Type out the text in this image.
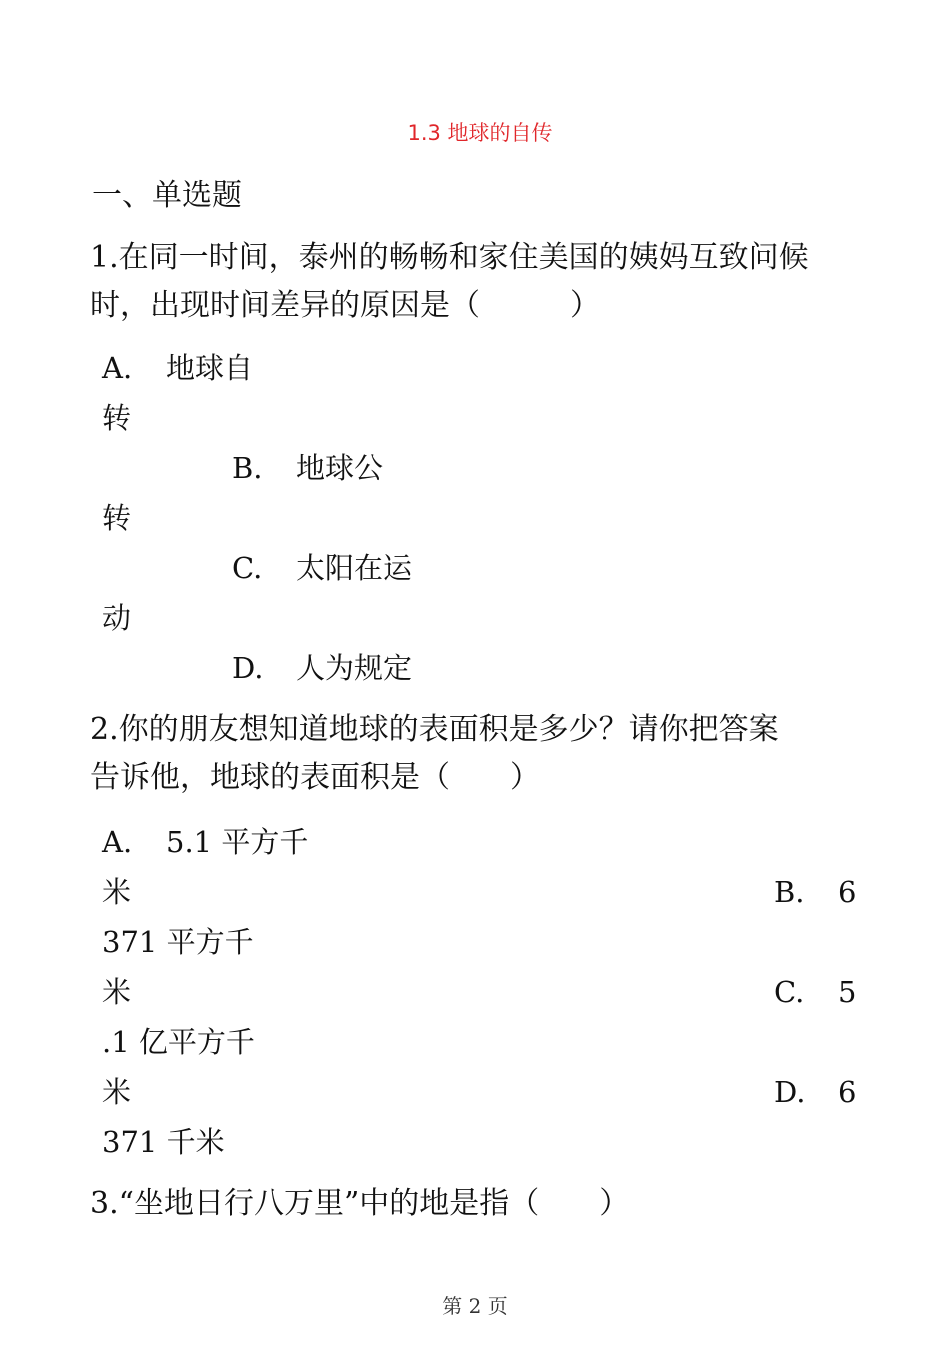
1.3 地球的自传
一、单选题
1.在同一时间，泰州的畅畅和家住美国的姨妈互致问候
时，出现时间差异的原因是（　　　）
A. 地球自
转
B. 地球公
转
C. 太阳在运
动
D. 人为规定
2.你的朋友想知道地球的表面积是多少？请你把答案
告诉他，地球的表面积是（　　）
A. 5.1 平方千
米	B. 6
371 平方千
米	C. 5
.1 亿平方千
米	D. 6
371 千米
3.“坐地日行八万里”中的地是指（　　）
第 2 页
